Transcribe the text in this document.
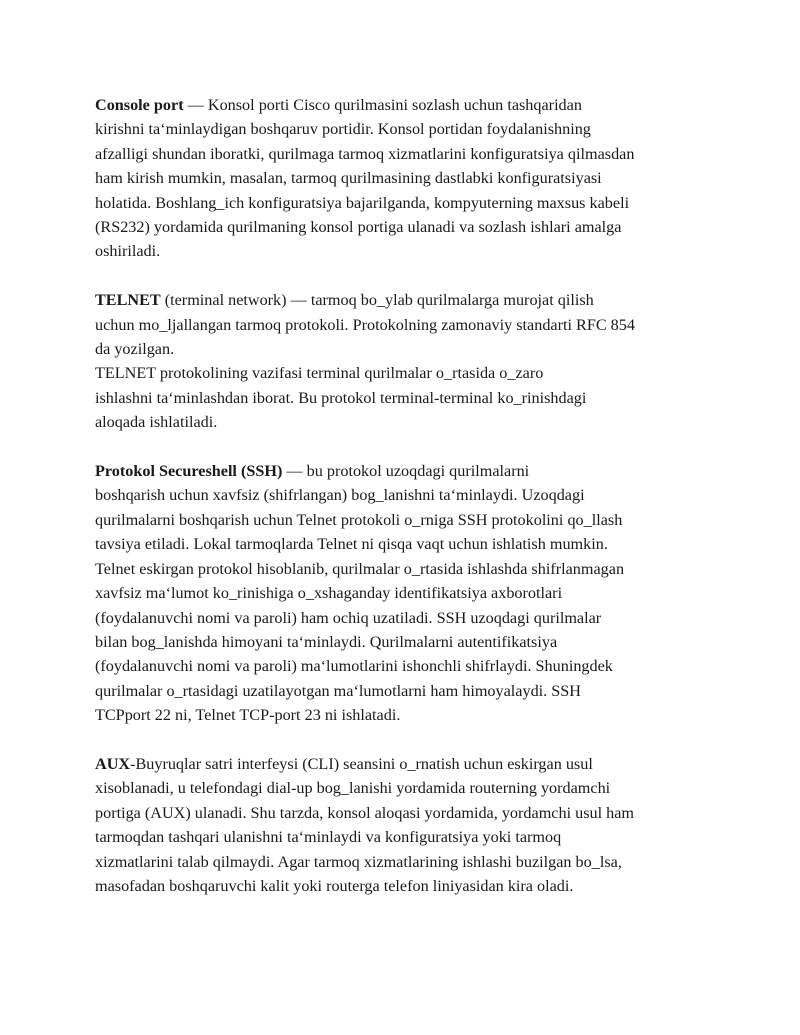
Console port — Konsol porti Cisco qurilmasini sozlash uchun tashqaridan
kirishni ta‘minlaydigan boshqaruv portidir. Konsol portidan foydalanishning
afzalligi shundan iboratki, qurilmaga tarmoq xizmatlarini konfiguratsiya qilmasdan
ham kirish mumkin, masalan, tarmoq qurilmasining dastlabki konfiguratsiyasi
holatida. Boshlang_ich konfiguratsiya bajarilganda, kompyuterning maxsus kabeli
(RS232) yordamida qurilmaning konsol portiga ulanadi va sozlash ishlari amalga
oshiriladi.
TELNET (terminal network) — tarmoq bo_ylab qurilmalarga murojat qilish
uchun mo_ljallangan tarmoq protokoli. Protokolning zamonaviy standarti RFC 854
da yozilgan.
TELNET protokolining vazifasi terminal qurilmalar o_rtasida o_zaro
ishlashni ta‘minlashdan iborat. Bu protokol terminal-terminal ko_rinishdagi
aloqada ishlatiladi.
Protokol Secureshell (SSH) — bu protokol uzoqdagi qurilmalarni
boshqarish uchun xavfsiz (shifrlangan) bog_lanishni ta‘minlaydi. Uzoqdagi
qurilmalarni boshqarish uchun Telnet protokoli o_rniga SSH protokolini qo_llash
tavsiya etiladi. Lokal tarmoqlarda Telnet ni qisqa vaqt uchun ishlatish mumkin.
Telnet eskirgan protokol hisoblanib, qurilmalar o_rtasida ishlashda shifrlanmagan
xavfsiz ma‘lumot ko_rinishiga o_xshaganday identifikatsiya axborotlari
(foydalanuvchi nomi va paroli) ham ochiq uzatiladi. SSH uzoqdagi qurilmalar
bilan bog_lanishda himoyani ta‘minlaydi. Qurilmalarni autentifikatsiya
(foydalanuvchi nomi va paroli) ma‘lumotlarini ishonchli shifrlaydi. Shuningdek
qurilmalar o_rtasidagi uzatilayotgan ma‘lumotlarni ham himoyalaydi. SSH
TCPport 22 ni, Telnet TCP-port 23 ni ishlatadi.
AUX-Buyruqlar satri interfeysi (CLI) seansini o_rnatish uchun eskirgan usul
xisoblanadi, u telefondagi dial-up bog_lanishi yordamida routerning yordamchi
portiga (AUX) ulanadi. Shu tarzda, konsol aloqasi yordamida, yordamchi usul ham
tarmoqdan tashqari ulanishni ta‘minlaydi va konfiguratsiya yoki tarmoq
xizmatlarini talab qilmaydi. Agar tarmoq xizmatlarining ishlashi buzilgan bo_lsa,
masofadan boshqaruvchi kalit yoki routerga telefon liniyasidan kira oladi.
